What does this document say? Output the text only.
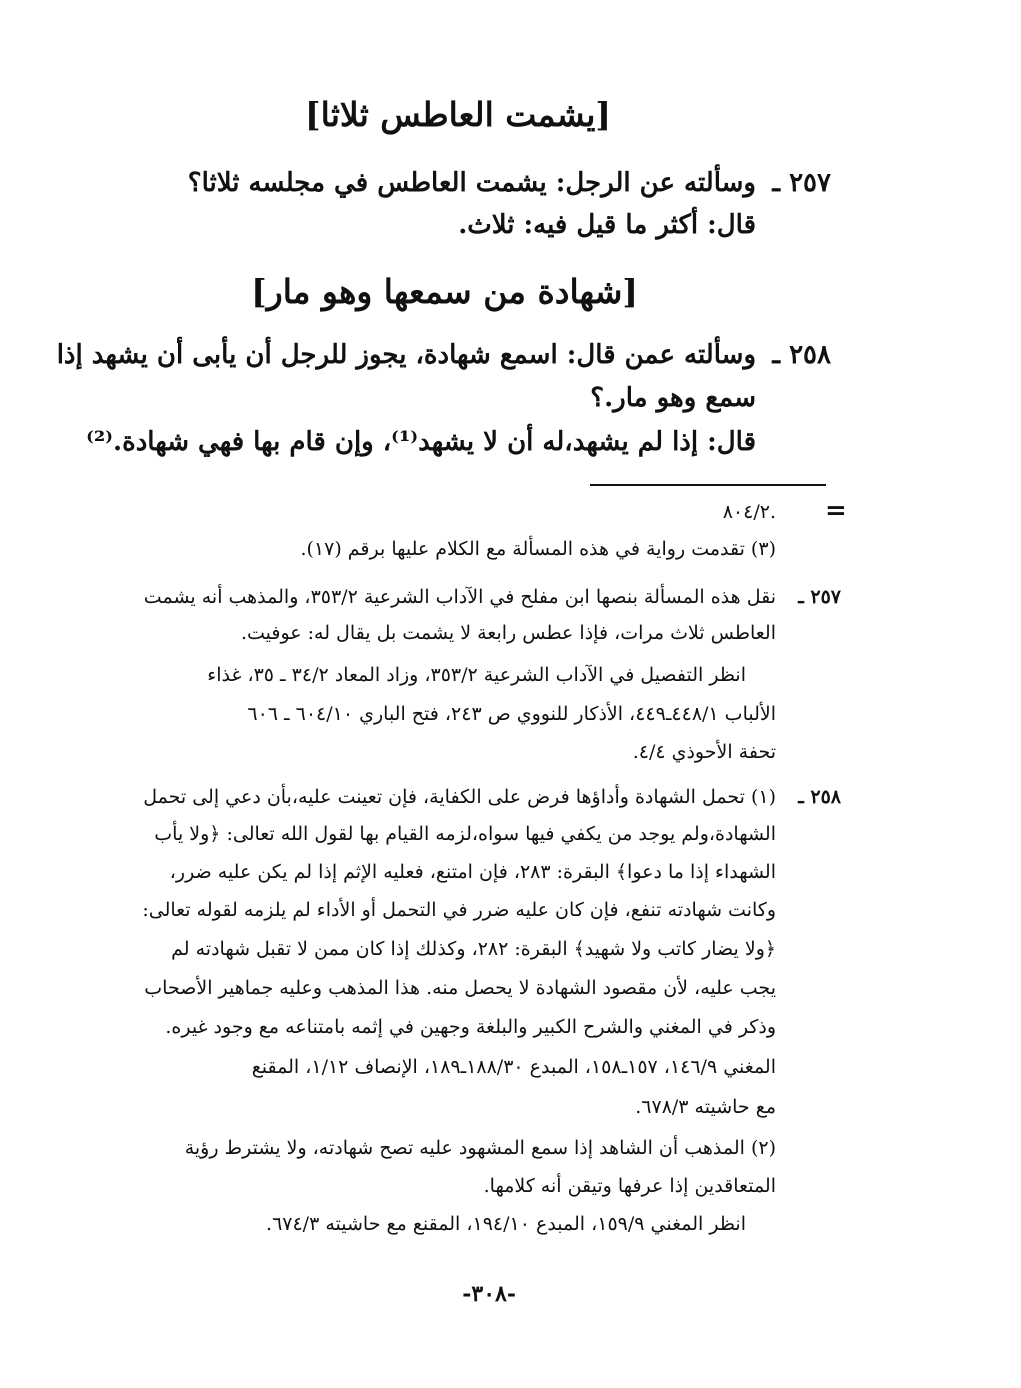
[يشمت العاطس ثلاثا]
٢٥٧ ـ
وسألته عن الرجل: يشمت العاطس في مجلسه ثلاثا؟
قال: أكثر ما قيل فيه: ثلاث.
[شهادة من سمعها وهو مار]
٢٥٨ ـ
وسألته عمن قال: اسمع شهادة، يجوز للرجل أن يأبى أن يشهد إذا
سمع وهو مار.؟
قال: إذا لم يشهد،له أن لا يشهد⁽¹⁾، وإن قام بها فهي شهادة.⁽²⁾
=
.٨٠٤/٢
(٣) تقدمت رواية في هذه المسألة مع الكلام عليها برقم (١٧).
٢٥٧ ـ
نقل هذه المسألة بنصها ابن مفلح في الآداب الشرعية ٣٥٣/٢، والمذهب أنه يشمت
العاطس ثلاث مرات، فإذا عطس رابعة لا يشمت بل يقال له: عوفيت.
انظر التفصيل في الآداب الشرعية ٣٥٣/٢، وزاد المعاد ٣٤/٢ ـ ٣٥، غذاء
الألباب ٤٤٨/١ـ٤٤٩، الأذكار للنووي ص ٢٤٣، فتح الباري ٦٠٤/١٠ ـ ٦٠٦
تحفة الأحوذي ٤/٤.
٢٥٨ ـ
(١) تحمل الشهادة وأداؤها فرض على الكفاية، فإن تعينت عليه،بأن دعي إلى تحمل
الشهادة،ولم يوجد من يكفي فيها سواه،لزمه القيام بها لقول الله تعالى: ﴿ولا يأب
الشهداء إذا ما دعوا﴾ البقرة: ٢٨٣، فإن امتنع، فعليه الإثم إذا لم يكن عليه ضرر،
وكانت شهادته تنفع، فإن كان عليه ضرر في التحمل أو الأداء لم يلزمه لقوله تعالى:
﴿ولا يضار كاتب ولا شهيد﴾ البقرة: ٢٨٢، وكذلك إذا كان ممن لا تقبل شهادته لم
يجب عليه، لأن مقصود الشهادة لا يحصل منه. هذا المذهب وعليه جماهير الأصحاب
وذكر في المغني والشرح الكبير والبلغة وجهين في إثمه بامتناعه مع وجود غيره.
المغني ١٤٦/٩، ١٥٧ـ١٥٨، المبدع ١٨٨/٣٠ـ١٨٩، الإنصاف ١/١٢، المقنع
مع حاشيته ٦٧٨/٣.
(٢) المذهب أن الشاهد إذا سمع المشهود عليه تصح شهادته، ولا يشترط رؤية
المتعاقدين إذا عرفها وتيقن أنه كلامها.
انظر المغني ١٥٩/٩، المبدع ١٩٤/١٠، المقنع مع حاشيته ٦٧٤/٣.
-٣٠٨-
